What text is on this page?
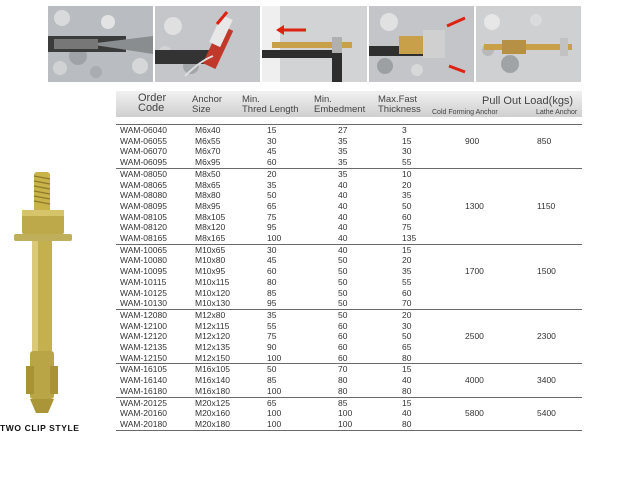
TWO CLIP STYLE
Order
Code
Anchor
Size
Min.
Thred Length
Min.
Embedment
Max.Fast
Thickness
Pull Out Load(kgs)
Cold Forming Anchor	Lathe Anchor
WAM-06040	M6x40	15	27	3		
WAM-06055	M6x55	30	35	15	900	850
WAM-06070	M6x70	45	35	30		
WAM-06095	M6x95	60	35	55		
WAM-08050	M8x50	20	35	10		
WAM-08065	M8x65	35	40	20		
WAM-08080	M8x80	50	40	35		
WAM-08095	M8x95	65	40	50	1300	1150
WAM-08105	M8x105	75	40	60		
WAM-08120	M8x120	95	40	75		
WAM-08165	M8x165	100	40	135		
WAM-10065	M10x65	30	40	15		
WAM-10080	M10x80	45	50	20		
WAM-10095	M10x95	60	50	35	1700	1500
WAM-10115	M10x115	80	50	55		
WAM-10125	M10x120	85	50	60		
WAM-10130	M10x130	95	50	70		
WAM-12080	M12x80	35	50	20		
WAM-12100	M12x115	55	60	30		
WAM-12120	M12x120	75	60	50	2500	2300
WAM-12135	M12x135	90	60	65		
WAM-12150	M12x150	100	60	80		
WAM-16105	M16x105	50	70	15		
WAM-16140	M16x140	85	80	40	4000	3400
WAM-16180	M16x180	100	80	80		
WAM-20125	M20x125	65	85	15		
WAM-20160	M20x160	100	100	40	5800	5400
WAM-20180	M20x180	100	100	80		
